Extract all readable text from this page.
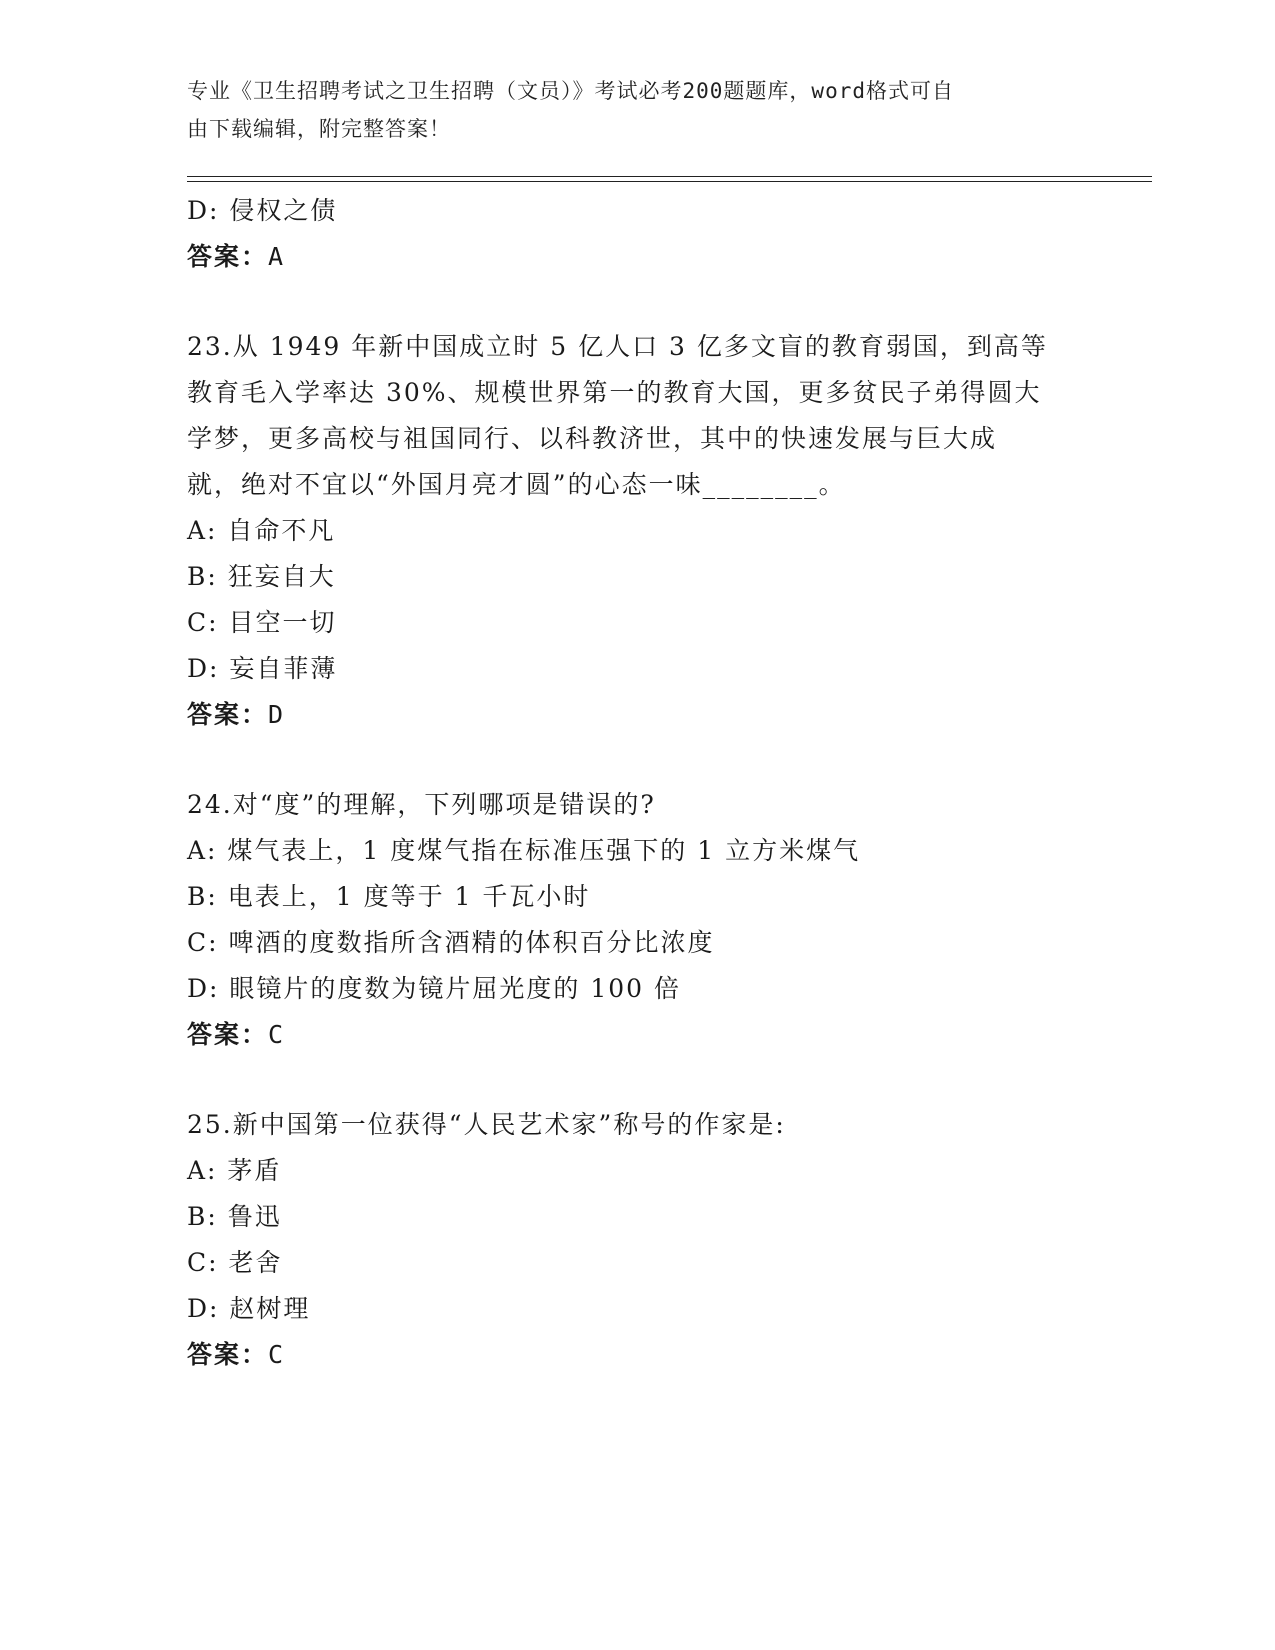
专业《卫生招聘考试之卫生招聘（文员）》考试必考200题题库，word格式可自
由下载编辑，附完整答案！
D: 侵权之债
答案：A
23.从 1949 年新中国成立时 5 亿人口 3 亿多文盲的教育弱国，到高等
教育毛入学率达 30%、规模世界第一的教育大国，更多贫民子弟得圆大
学梦，更多高校与祖国同行、以科教济世，其中的快速发展与巨大成
就，绝对不宜以“外国月亮才圆”的心态一味________。
A: 自命不凡
B: 狂妄自大
C: 目空一切
D: 妄自菲薄
答案：D
24.对“度”的理解，下列哪项是错误的?
A: 煤气表上，1 度煤气指在标准压强下的 1 立方米煤气
B: 电表上，1 度等于 1 千瓦小时
C: 啤酒的度数指所含酒精的体积百分比浓度
D: 眼镜片的度数为镜片屈光度的 100 倍
答案：C
25.新中国第一位获得“人民艺术家”称号的作家是:
A: 茅盾
B: 鲁迅
C: 老舍
D: 赵树理
答案：C
